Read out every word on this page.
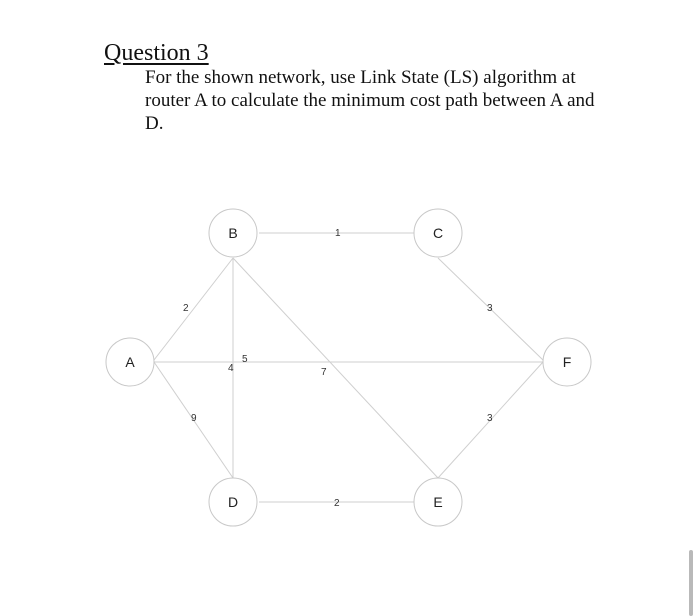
Question 3
For the shown network, use Link State (LS) algorithm at router A to calculate the minimum cost path between A and D.
1
2	3
5
4	7
9	3
2
A
B	C
D	E
F
